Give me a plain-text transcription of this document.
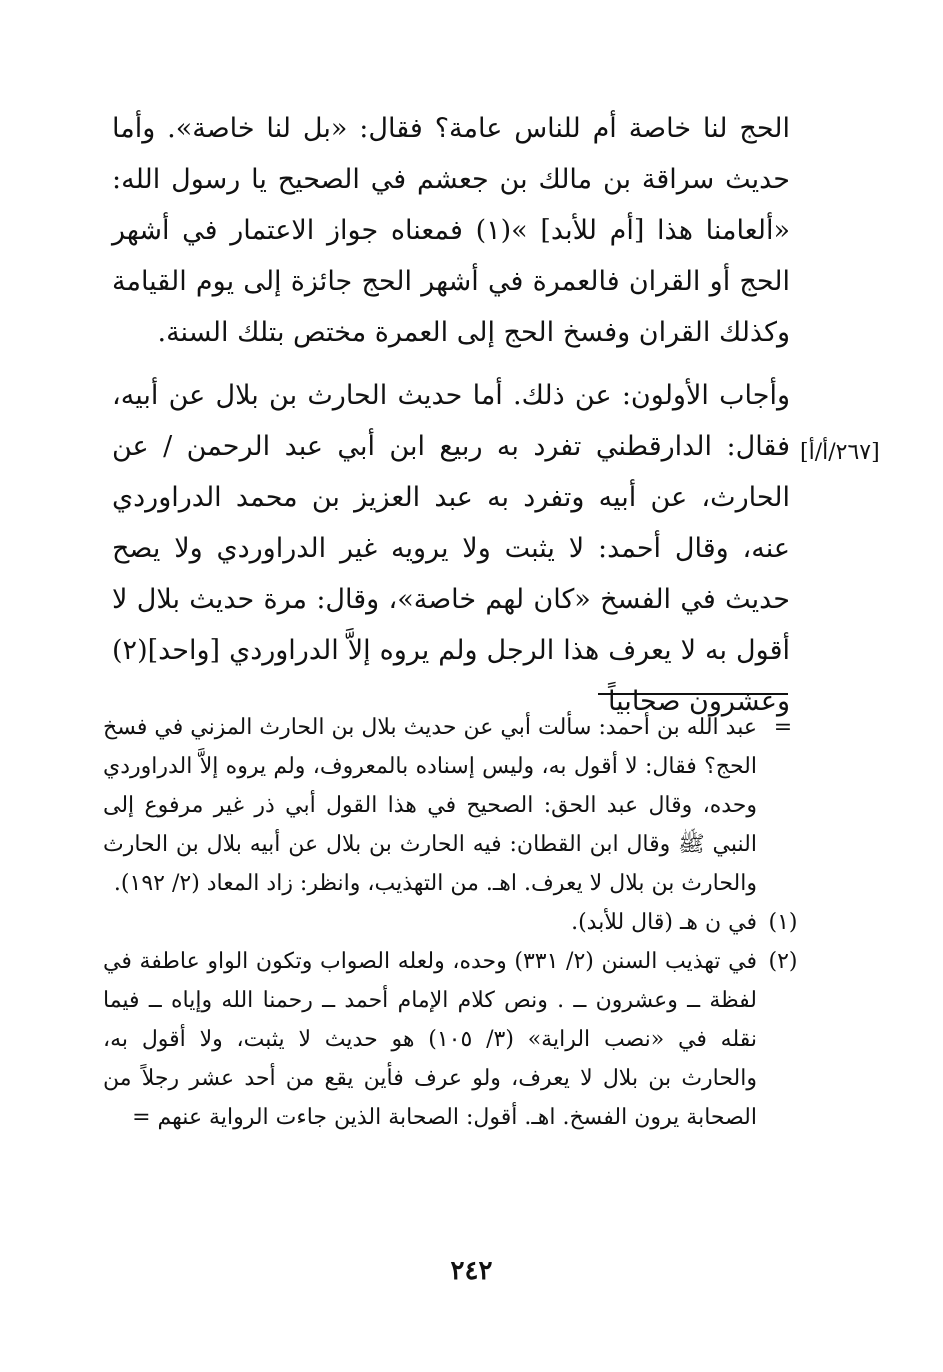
الحج لنا خاصة أم للناس عامة؟ فقال: «بل لنا خاصة». وأما حديث سراقة بن مالك بن جعشم في الصحيح يا رسول الله: «ألعامنا هذا [أم للأبد] »(١) فمعناه جواز الاعتمار في أشهر الحج أو القران فالعمرة في أشهر الحج جائزة إلى يوم القيامة وكذلك القران وفسخ الحج إلى العمرة مختص بتلك السنة.

وأجاب الأولون: عن ذلك. أما حديث الحارث بن بلال عن أبيه، فقال: الدارقطني تفرد به ربيع ابن أبي عبد الرحمن / عن الحارث، عن أبيه وتفرد به عبد العزيز بن محمد الدراوردي عنه، وقال أحمد: لا يثبت ولا يرويه غير الدراوردي ولا يصح حديث في الفسخ «كان لهم خاصة»، وقال: مرة حديث بلال لا أقول به لا يعرف هذا الرجل ولم يروه إلاَّ الدراوردي [واحد](٢) وعشرون صحابياً

[٢٦٧/أ/أ]

=
عبد الله بن أحمد: سألت أبي عن حديث بلال بن الحارث المزني في فسخ الحج؟ فقال: لا أقول به، وليس إسناده بالمعروف، ولم يروه إلاَّ الدراوردي وحده، وقال عبد الحق: الصحيح في هذا القول أبي ذر غير مرفوع إلى النبي ﷺ وقال ابن القطان: فيه الحارث بن بلال عن أبيه بلال بن الحارث والحارث بن بلال لا يعرف. اهـ. من التهذيب، وانظر: زاد المعاد (٢/ ١٩٢).

(١)
في ن هـ (قال للأبد).

(٢)
في تهذيب السنن (٢/ ٣٣١) وحده، ولعله الصواب وتكون الواو عاطفة في لفظة ــ وعشرون ــ . ونص كلام الإمام أحمد ــ رحمنا الله وإياه ــ فيما نقله في «نصب الراية» (٣/ ١٠٥) هو حديث لا يثبت، ولا أقول به، والحارث بن بلال لا يعرف، ولو عرف فأين يقع من أحد عشر رجلاً من الصحابة يرون الفسخ. اهـ. أقول: الصحابة الذين جاءت الرواية عنهم =

٢٤٢
